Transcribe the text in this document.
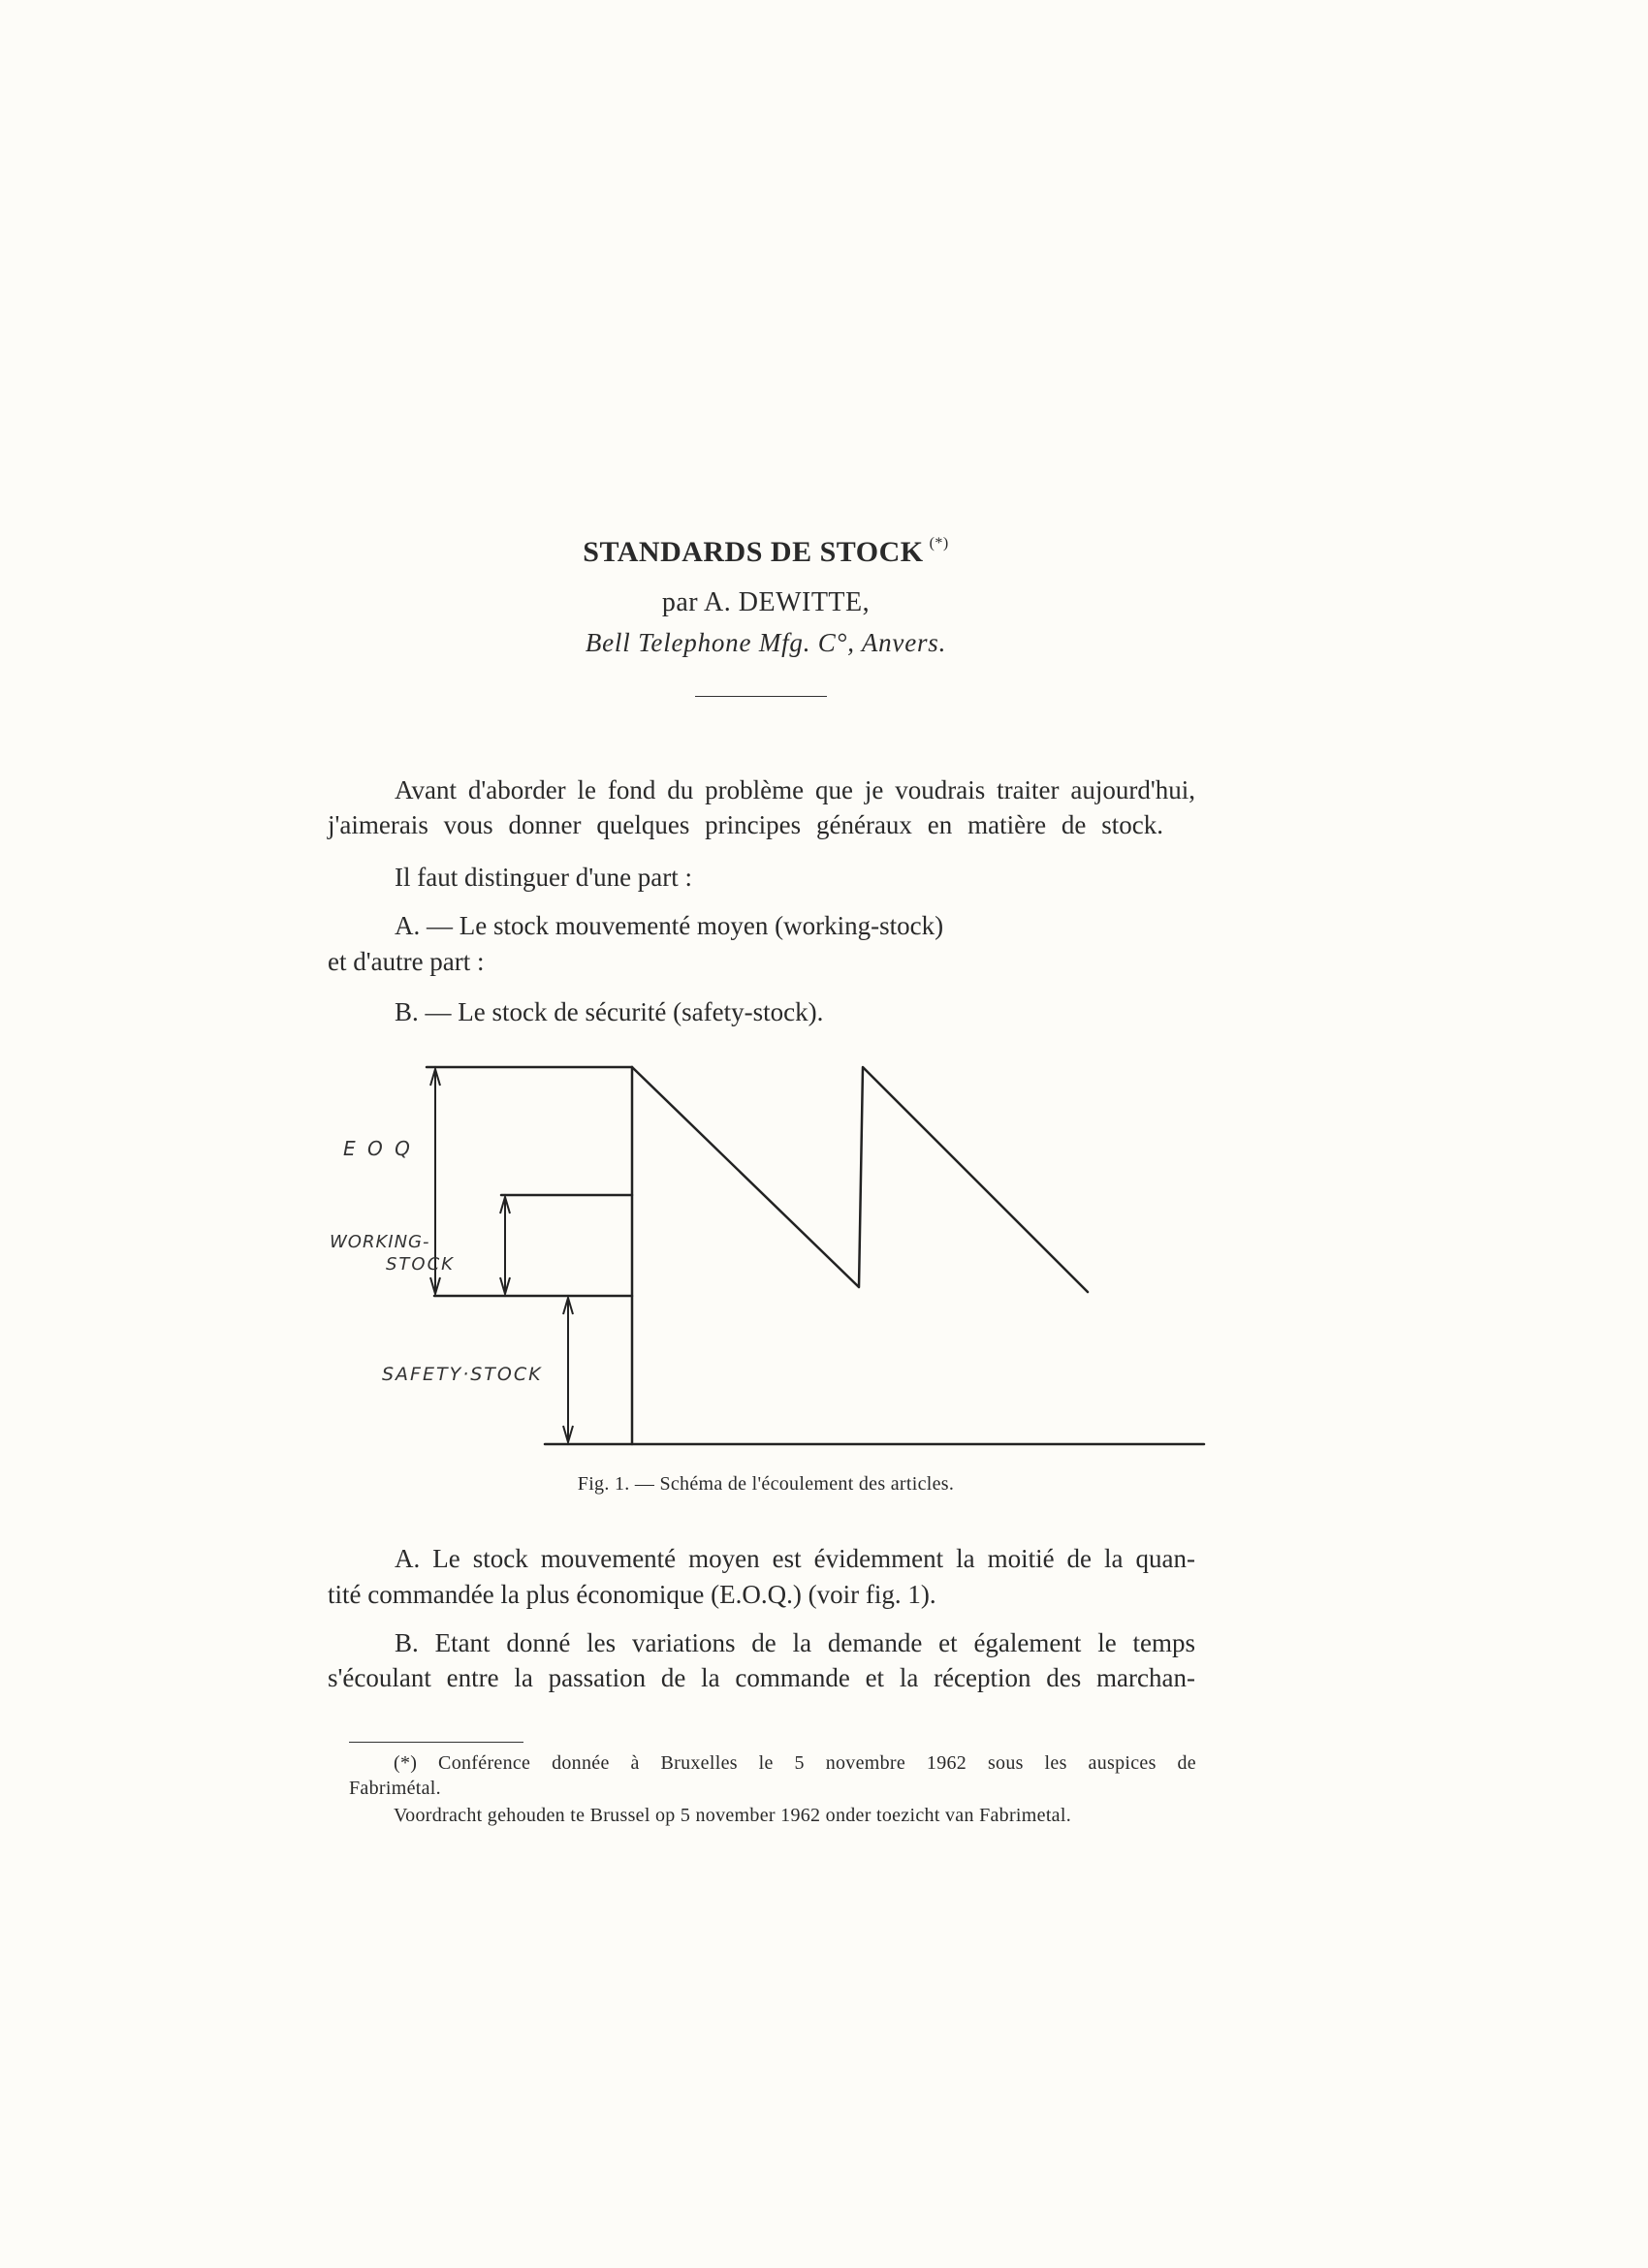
STANDARDS DE STOCK (*)
par A. DEWITTE,
Bell Telephone Mfg. C°, Anvers.
Avant d'aborder le fond du problème que je voudrais traiter aujourd'hui,
j'aimerais vous donner quelques principes généraux en matière de stock.
Il faut distinguer d'une part :
A. — Le stock mouvementé moyen (working-stock)
et d'autre part :
B. — Le stock de sécurité (safety-stock).
E O Q
WORKING-
STOCK
SAFETY·STOCK
Fig. 1. — Schéma de l'écoulement des articles.
A. Le stock mouvementé moyen est évidemment la moitié de la quan-
tité commandée la plus économique (E.O.Q.) (voir fig. 1).
B. Etant donné les variations de la demande et également le temps
s'écoulant entre la passation de la commande et la réception des marchan-
(*) Conférence donnée à Bruxelles le 5 novembre 1962 sous les auspices de
Fabrimétal.
Voordracht gehouden te Brussel op 5 november 1962 onder toezicht van Fabrimetal.
